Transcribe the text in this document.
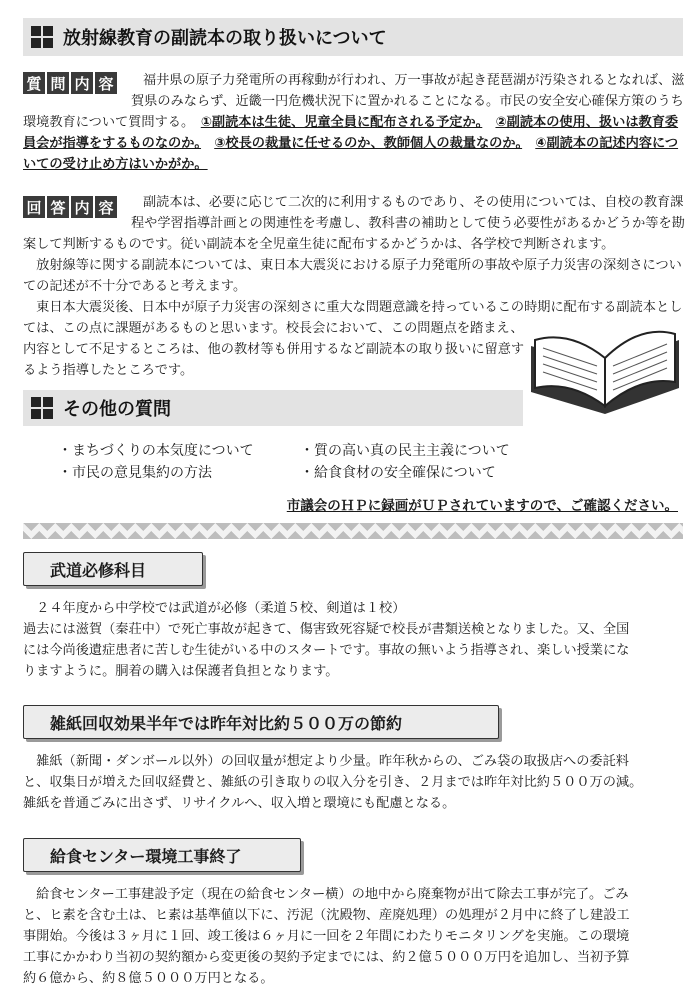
放射線教育の副読本の取り扱いについて
質 問 内 容	福井県の原子力発電所の再稼動が行われ、万一事故が起き琵琶湖が汚染されるとなれば、滋
賀県のみならず、近畿一円危機状況下に置かれることになる。市民の安全安心確保方策のうち
環境教育について質問する。　①副読本は生徒、児童全員に配布される予定か。　 ②副読本の使用、扱いは教育委
員会が指導をするものなのか。　 ③校長の裁量に任せるのか、教師個人の裁量なのか。　 ④副読本の記述内容につ
いての受け止め方はいかがか。
回 答 内 容	副読本は、必要に応じて二次的に利用するものであり、その使用については、自校の教育課
程や学習指導計画との関連性を考慮し、教科書の補助として使う必要性があるかどうか等を勘
案して判断するものです。従い副読本を全児童生徒に配布するかどうかは、各学校で判断されます。
　放射線等に関する副読本については、東日本大震災における原子力発電所の事故や原子力災害の深刻さについ
ての記述が不十分であると考えます。
　東日本大震災後、日本中が原子力災害の深刻さに重大な問題意識を持っているこの時期に配布する副読本とし
ては、この点に課題があるものと思います。校長会において、この問題点を踏まえ、
内容として不足するところは、他の教材等も併用するなど副読本の取り扱いに留意す
るよう指導したところです。
その他の質問
・まちづくりの本気度について	・質の高い真の民主主義について
・市民の意見集約の方法	・給食食材の安全確保について
市議会のＨＰに録画がＵＰされていますので、ご確認ください。
武道必修科目
　２４年度から中学校では武道が必修（柔道５校、剣道は１校）
過去には滋賀（秦荘中）で死亡事故が起きて、傷害致死容疑で校長が書類送検となりました。又、全国
には今尚後遺症患者に苦しむ生徒がいる中のスタートです。事故の無いよう指導され、楽しい授業にな
りますように。胴着の購入は保護者負担となります。
雑紙回収効果半年では昨年対比約５００万の節約
　雑紙（新聞・ダンボール以外）の回収量が想定より少量。昨年秋からの、ごみ袋の取扱店への委託料
と、収集日が増えた回収経費と、雑紙の引き取りの収入分を引き、２月までは昨年対比約５００万の減。
雑紙を普通ごみに出さず、リサイクルへ、収入増と環境にも配慮となる。
給食センター環境工事終了
　給食センター工事建設予定（現在の給食センター横）の地中から廃棄物が出て除去工事が完了。ごみ
と、ヒ素を含む土は、ヒ素は基準値以下に、汚泥（沈殿物、産廃処理）の処理が２月中に終了し建設工
事開始。今後は３ヶ月に１回、竣工後は６ヶ月に一回を２年間にわたりモニタリングを実施。この環境
工事にかかわり当初の契約額から変更後の契約予定までには、約２億５０００万円を追加し、当初予算
約６億から、約８億５０００万円となる。
